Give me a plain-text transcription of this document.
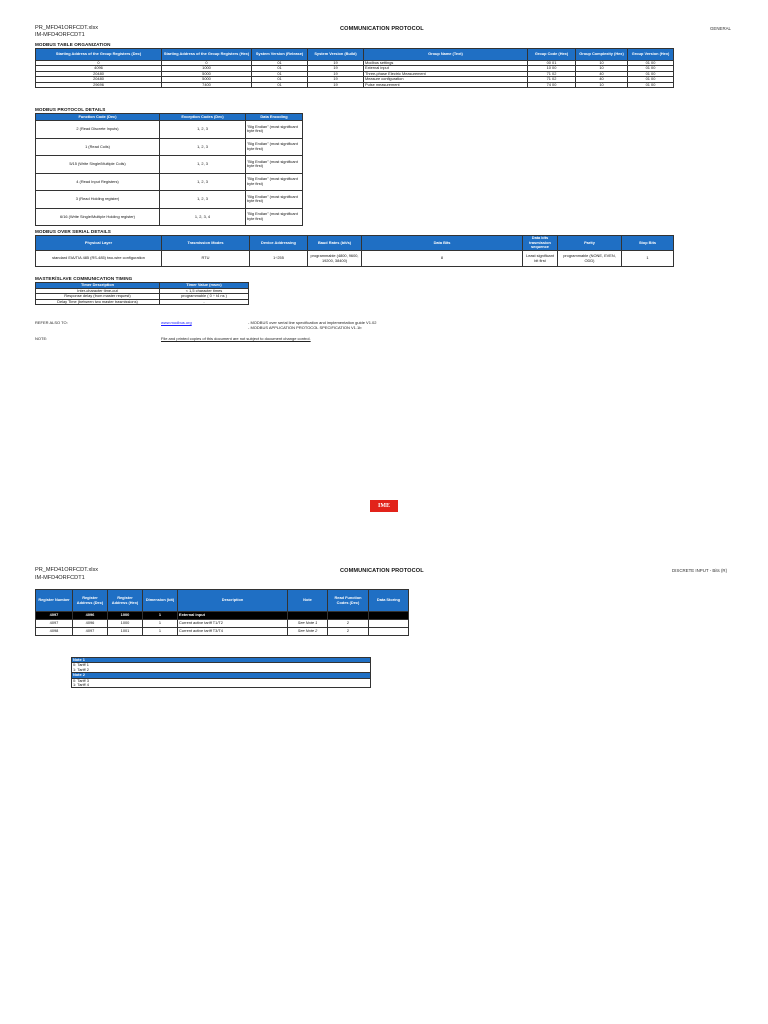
PR_MFD41ORFCDT.xlsx
IM-MFD4ORFCDT1
COMMUNICATION PROTOCOL	GENERAL
MODBUS TABLE ORGANIZATION
Starting Address of the Group Registers (Dec)	Starting Address of the Group Registers (Hex)	System Version (Release)	System Version (Build)	Group Name (Text)	Group Code (Hex)	Group Complexity (Hex)	Group Version (Hex)
0	0	01	19	Modbus settings	00 01	10	01 00
4096	1000	01	19	External input	10 00	10	01 00
20480	5000	01	19	Three-phase Electric Measurement	71 02	40	01 00
20480	5000	01	19	Measure configuration	71 02	40	01 00
29696	7400	01	19	Pulse measurement	74 00	10	01 00
MODBUS PROTOCOL DETAILS
Function Code (Dec)	Exception Codes (Dec)	Data Encoding
2 (Read Discrete Inputs)	1, 2, 3	"Big Endian" (most significant byte first)
1 (Read Coils)	1, 2, 3	"Big Endian" (most significant byte first)
5/15 (Write Single/Multiple Coils)	1, 2, 3	"Big Endian" (most significant byte first)
4 (Read Input Registers)	1, 2, 3	"Big Endian" (most significant byte first)
3 (Read Holding register)	1, 2, 3	"Big Endian" (most significant byte first)
6/16 (Write Single/Multiple Holding register)	1, 2, 3, 4	"Big Endian" (most significant byte first)
MODBUS OVER SERIAL DETAILS
Physical Layer	Trasmission Modes	Device Addressing	Baud Rates (bit/s)	Data Bits	Data bits trasmission sequence	Parity	Stop Bits
standard EIA/TIA 485 (RS-485) two-wire configuration	RTU	1÷255	programmable (4800, 9600, 19200, 38400)	8	Least significant bit first	programmable (NONE, EVEN, ODD)	1
MASTER/SLAVE COMMUNICATION TIMING
Timer Description	Timer Value (msec)
Inter-character time-out	< 1,5 character times
Response delay (from master request)	programmable ( 0 ÷ t4 ns )
Delay Time (between two master trasmissions)	-
REFER ALSO TO:	www.modbus.org	- MODBUS over serial line specification and implementation guide V1.02
- MODBUS APPLICATION PROTOCOL SPECIFICATION V1.1b
NOTE:	File and printed copies of this document are not subject to document change control.
IME
PR_MFD41ORFCDT.xlsx
IM-MFD4ORFCDT1
COMMUNICATION PROTOCOL	DISCRETE INPUT - Bits (R)
Register Number	Register Address (Dec)	Register Address (Hex)	Dimension (bit)	Description	Note	Read Function Codes (Dec)	Data Storing
4097	4096	1000	1	External input			
4097	4096	1000	1	Current active tariff T1/T2	See Note 1	2	
4098	4097	1001	1	Current active tariff T3/T4	See Note 2	2	
Note 1
0: Tariff 1
1: Tariff 2
Note 2
0: Tariff 3
1: Tariff 4
